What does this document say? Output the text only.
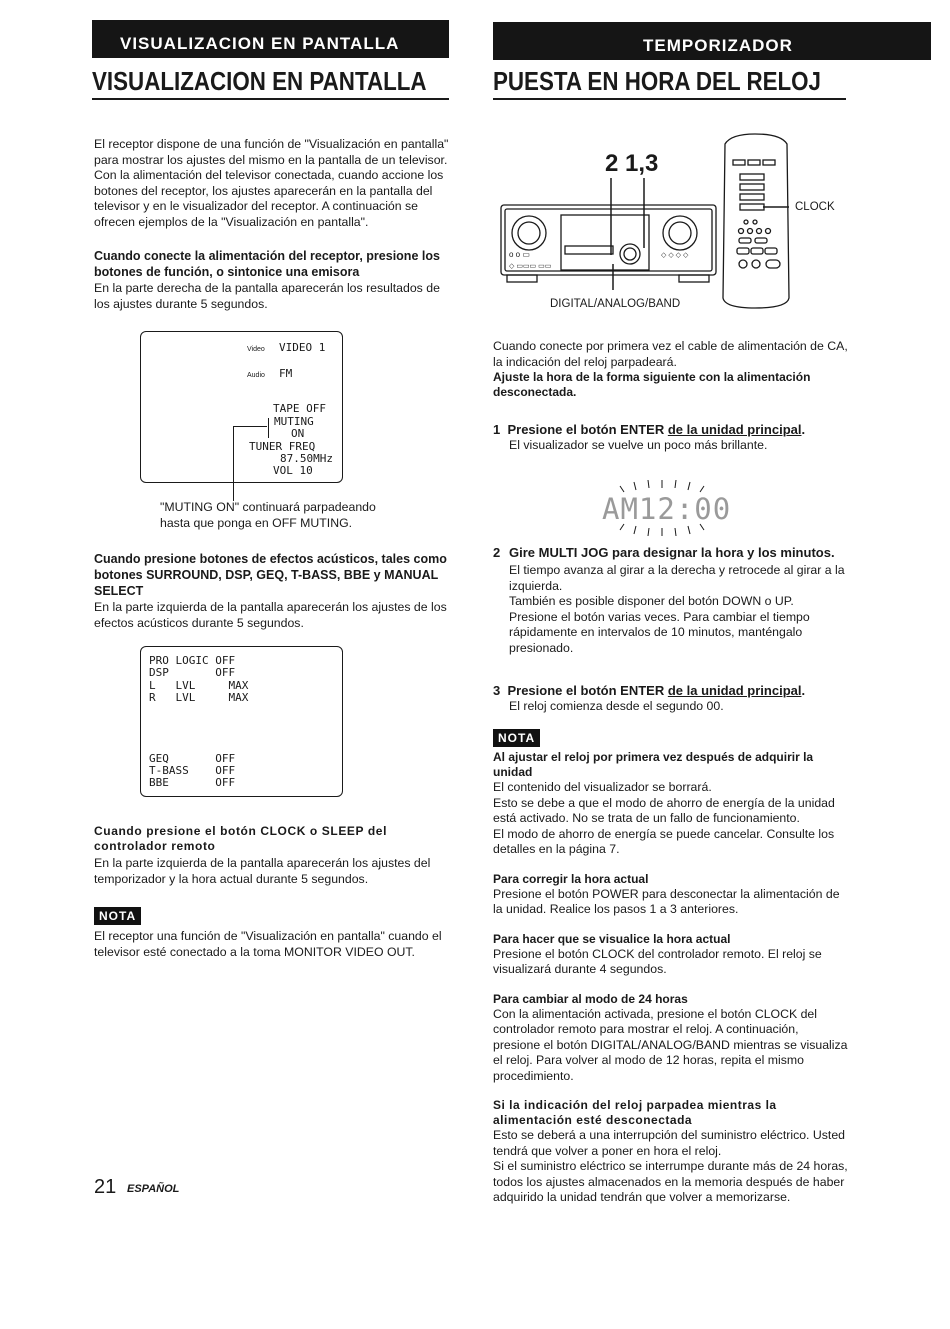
VISUALIZACION EN PANTALLA
VISUALIZACION EN PANTALLA

El receptor dispone de una función de "Visualización en pantalla" para mostrar los ajustes del mismo en la pantalla de un televisor. Con la alimentación del televisor conectada, cuando accione los botones del receptor, los ajustes aparecerán en la pantalla del televisor y en le visualizador del receptor. A continuación se ofrecen ejemplos de la "Visualización en pantalla".

Cuando conecte la alimentación del receptor, presione los botones de función, o sintonice una emisora

En la parte derecha de la pantalla aparecerán los resultados de los ajustes durante 5 segundos.

Video VIDEO 1
Audio FM
TAPE OFF
MUTING
ON
TUNER FREQ
87.50MHz
VOL 10

"MUTING ON" continuará parpadeando hasta que ponga en OFF MUTING.

Cuando presione botones de efectos acústicos, tales como botones SURROUND, DSP, GEQ, T-BASS, BBE y MANUAL SELECT

En la parte izquierda de la pantalla aparecerán los ajustes de los efectos acústicos durante 5 segundos.

PRO LOGIC OFF
DSP       OFF
L   LVL     MAX
R   LVL     MAX
GEQ       OFF
T-BASS    OFF
BBE       OFF

Cuando presione el botón CLOCK o SLEEP del controlador remoto

En la parte izquierda de la pantalla aparecerán los ajustes del temporizador y la hora actual durante 5 segundos.

NOTA

El receptor una función de "Visualización en pantalla" cuando el televisor esté conectado a la toma MONITOR VIDEO OUT.

21 ESPAÑOL
TEMPORIZADOR
PUESTA EN HORA DEL RELOJ
2 1,3
o o ▭
◇ ▭▭▭ ▭▭
◇ ◇ ◇ ◇
CLOCK
DIGITAL/ANALOG/BAND

Cuando conecte por primera vez el cable de alimentación de CA, la indicación del reloj parpadeará.

Ajuste la hora de la forma siguiente con la alimentación desconectada.

1 Presione el botón ENTER de la unidad principal.

El visualizador se vuelve un poco más brillante.

AM12:00

2 Gire MULTI JOG para designar la hora y los minutos.

El tiempo avanza al girar a la derecha y retrocede al girar a la izquierda.

También es posible disponer del botón DOWN o UP.

Presione el botón varias veces. Para cambiar el tiempo rápidamente en intervalos de 10 minutos, manténgalo presionado.

3 Presione el botón ENTER de la unidad principal.

El reloj comienza desde el segundo 00.

NOTA

Al ajustar el reloj por primera vez después de adquirir la unidad

El contenido del visualizador se borrará.

Esto se debe a que el modo de ahorro de energía de la unidad está activado. No se trata de un fallo de funcionamiento.

El modo de ahorro de energía se puede cancelar. Consulte los detalles en la página 7.

Para corregir la hora actual

Presione el botón POWER para desconectar la alimentación de la unidad. Realice los pasos 1 a 3 anteriores.

Para hacer que se visualice la hora actual

Presione el botón CLOCK del controlador remoto. El reloj se visualizará durante 4 segundos.

Para cambiar al modo de 24 horas

Con la alimentación activada, presione el botón CLOCK del controlador remoto para mostrar el reloj. A continuación, presione el botón DIGITAL/ANALOG/BAND mientras se visualiza el reloj. Para volver al modo de 12 horas, repita el mismo procedimiento.

Si la indicación del reloj parpadea mientras la alimentación esté desconectada

Esto se deberá a una interrupción del suministro eléctrico. Usted tendrá que volver a poner en hora el reloj.

Si el suministro eléctrico se interrumpe durante más de 24 horas, todos los ajustes almacenados en la memoria después de haber adquirido la unidad tendrán que volver a memorizarse.
